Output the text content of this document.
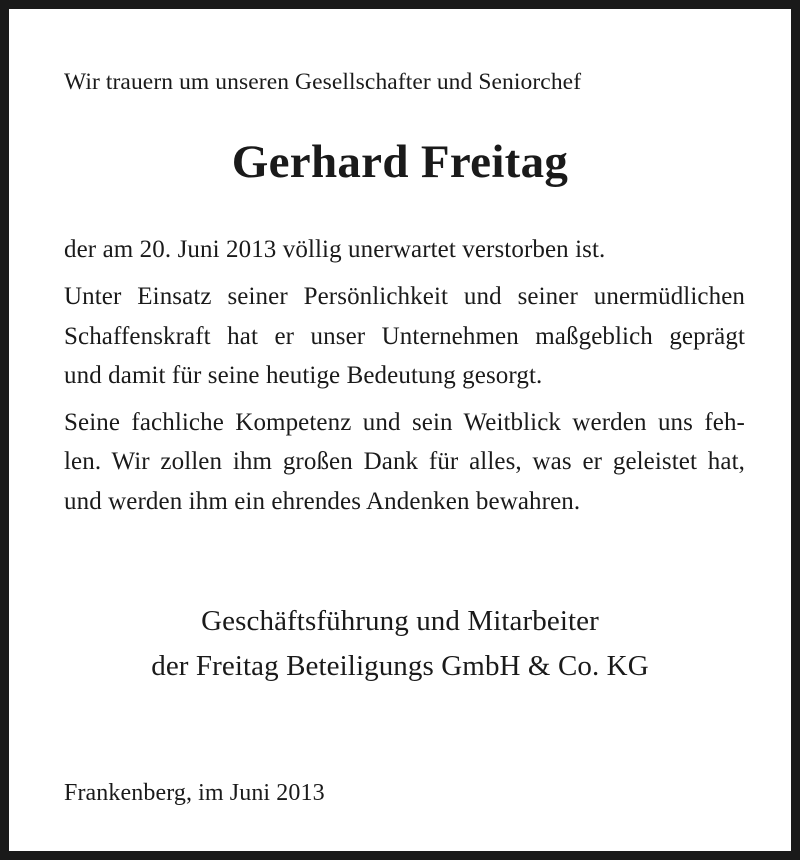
Wir trauern um unseren Gesellschafter und Seniorchef
Gerhard Freitag
der am 20. Juni 2013 völlig unerwartet verstorben ist.
Unter Einsatz seiner Persönlichkeit und seiner unermüdlichen
Schaffenskraft hat er unser Unternehmen maßgeblich geprägt
und damit für seine heutige Bedeutung gesorgt.
Seine fachliche Kompetenz und sein Weitblick werden uns feh-
len. Wir zollen ihm großen Dank für alles, was er geleistet hat,
und werden ihm ein ehrendes Andenken bewahren.
Geschäftsführung und Mitarbeiter
der Freitag Beteiligungs GmbH & Co. KG
Frankenberg, im Juni 2013
